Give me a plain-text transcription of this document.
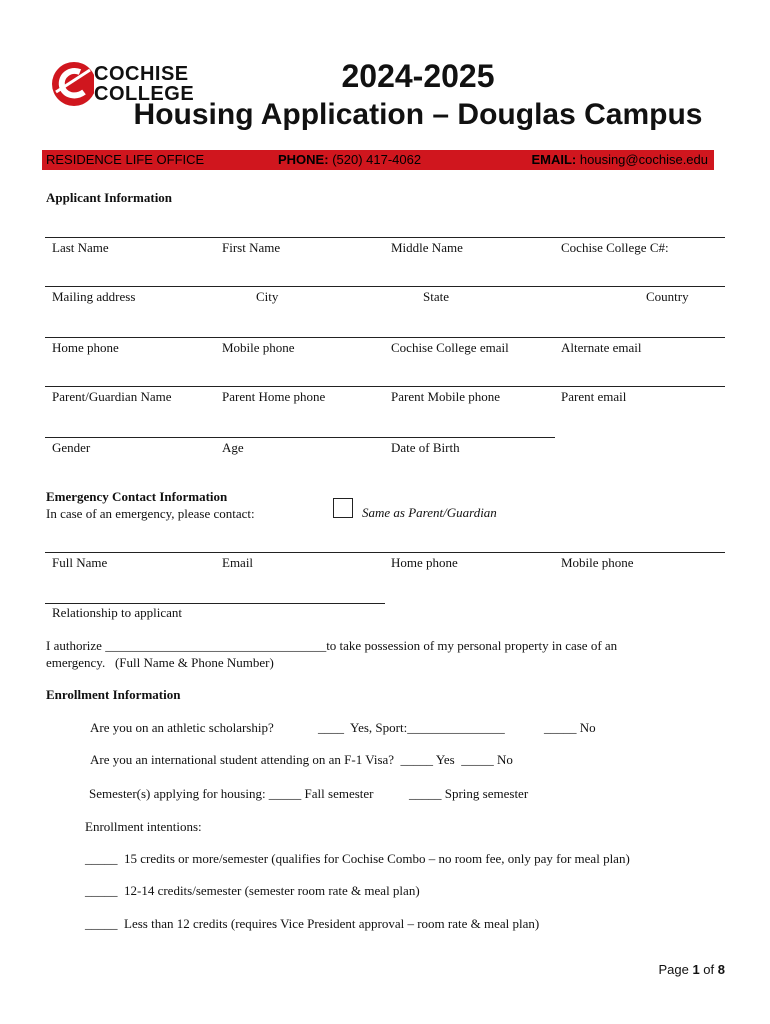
COCHISE
COLLEGE	2024-2025
Housing Application – Douglas Campus
RESIDENCE LIFE OFFICE	PHONE: (520) 417-4062	EMAIL: housing@cochise.edu
Applicant Information
Last Name	First Name	Middle Name	Cochise College C#:
Mailing address	City	State	Country
Home phone	Mobile phone	Cochise College email	Alternate email
Parent/Guardian Name	Parent Home phone	Parent Mobile phone	Parent email
Gender	Age	Date of Birth
Emergency Contact Information
In case of an emergency, please contact:	Same as Parent/Guardian
Full Name	Email	Home phone	Mobile phone
Relationship to applicant
I authorize __________________________________to take possession of my personal property in case of an
emergency.   (Full Name & Phone Number)
Enrollment Information
Are you on an athletic scholarship?	____  Yes, Sport:_______________	_____ No
Are you an international student attending on an F-1 Visa?  _____ Yes  _____ No
Semester(s) applying for housing: _____ Fall semester	_____ Spring semester
Enrollment intentions:
_____  15 credits or more/semester (qualifies for Cochise Combo – no room fee, only pay for meal plan)
_____  12-14 credits/semester (semester room rate & meal plan)
_____  Less than 12 credits (requires Vice President approval – room rate & meal plan)
Page 1 of 8
